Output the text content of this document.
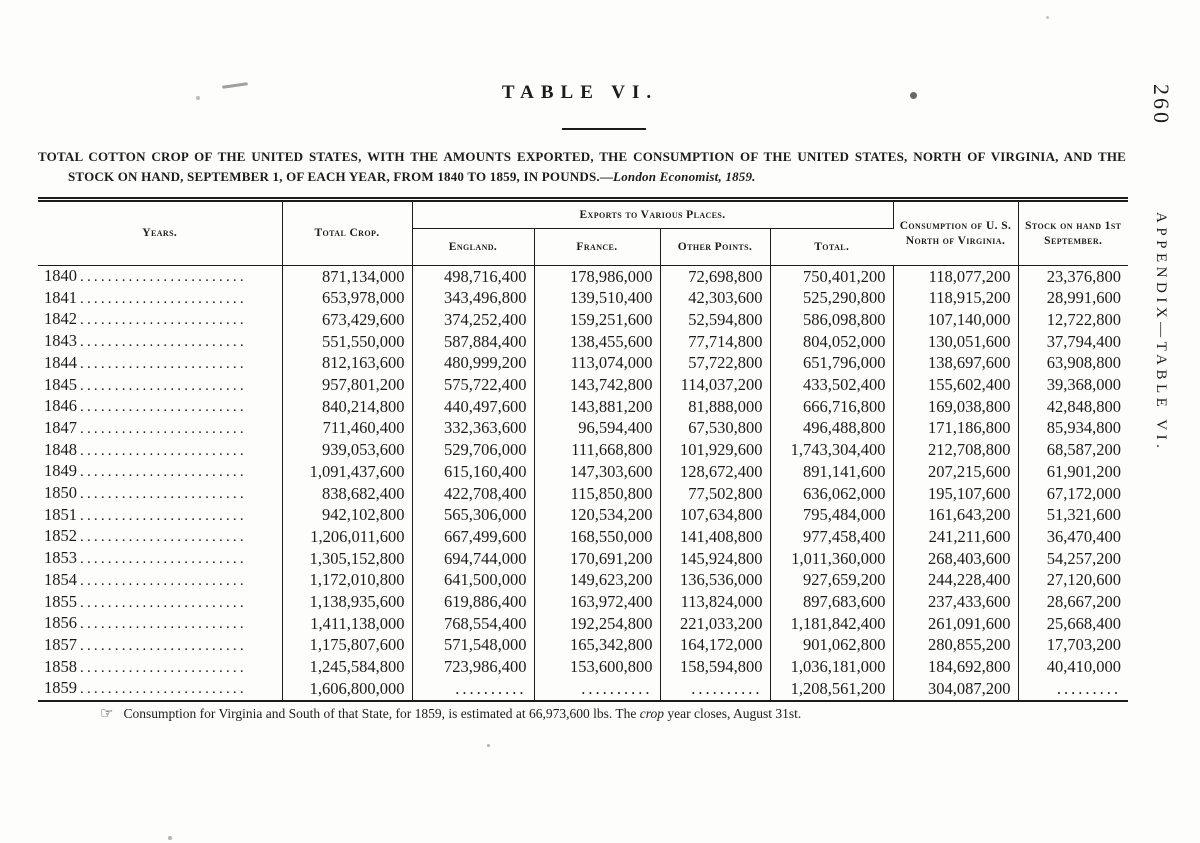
TABLE VI.

TOTAL COTTON CROP OF THE UNITED STATES, WITH THE AMOUNTS EXPORTED, THE CONSUMPTION OF THE UNITED STATES, NORTH OF VIRGINIA, AND THE STOCK ON HAND, SEPTEMBER 1, OF EACH YEAR, FROM 1840 TO 1859, IN POUNDS.—London Economist, 1859.

Years.	Total Crop.	Exports to Various Places.				Consumption of U. S. North of Virginia.	Stock on hand 1st September.
		England.	France.	Other Points.	Total.		
1840 ........................	871,134,000	498,716,400	178,986,000	72,698,800	750,401,200	118,077,200	23,376,800
1841 ........................	653,978,000	343,496,800	139,510,400	42,303,600	525,290,800	118,915,200	28,991,600
1842 ........................	673,429,600	374,252,400	159,251,600	52,594,800	586,098,800	107,140,000	12,722,800
1843 ........................	551,550,000	587,884,400	138,455,600	77,714,800	804,052,000	130,051,600	37,794,400
1844 ........................	812,163,600	480,999,200	113,074,000	57,722,800	651,796,000	138,697,600	63,908,800
1845 ........................	957,801,200	575,722,400	143,742,800	114,037,200	433,502,400	155,602,400	39,368,000
1846 ........................	840,214,800	440,497,600	143,881,200	81,888,000	666,716,800	169,038,800	42,848,800
1847 ........................	711,460,400	332,363,600	96,594,400	67,530,800	496,488,800	171,186,800	85,934,800
1848 ........................	939,053,600	529,706,000	111,668,800	101,929,600	1,743,304,400	212,708,800	68,587,200
1849 ........................	1,091,437,600	615,160,400	147,303,600	128,672,400	891,141,600	207,215,600	61,901,200
1850 ........................	838,682,400	422,708,400	115,850,800	77,502,800	636,062,000	195,107,600	67,172,000
1851 ........................	942,102,800	565,306,000	120,534,200	107,634,800	795,484,000	161,643,200	51,321,600
1852 ........................	1,206,011,600	667,499,600	168,550,000	141,408,800	977,458,400	241,211,600	36,470,400
1853 ........................	1,305,152,800	694,744,000	170,691,200	145,924,800	1,011,360,000	268,403,600	54,257,200
1854 ........................	1,172,010,800	641,500,000	149,623,200	136,536,000	927,659,200	244,228,400	27,120,600
1855 ........................	1,138,935,600	619,886,400	163,972,400	113,824,000	897,683,600	237,433,600	28,667,200
1856 ........................	1,411,138,000	768,554,400	192,254,800	221,033,200	1,181,842,400	261,091,600	25,668,400
1857 ........................	1,175,807,600	571,548,000	165,342,800	164,172,000	901,062,800	280,855,200	17,703,200
1858 ........................	1,245,584,800	723,986,400	153,600,800	158,594,800	1,036,181,000	184,692,800	40,410,000
1859 ........................	1,606,800,000	..........	..........	..........	1,208,561,200	304,087,200	.........

☞ Consumption for Virginia and South of that State, for 1859, is estimated at 66,973,600 lbs. The crop year closes, August 31st.

260
APPENDIX—TABLE VI.
